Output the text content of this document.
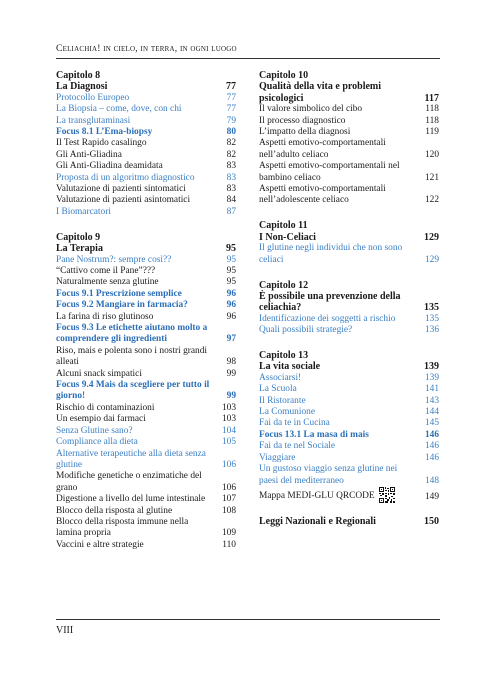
Celiachia! in cielo, in terra, in ogni luogo
Capitolo 8
La Diagnosi	77
Protocollo Europeo	77
La Biopsia – come, dove, con chi	77
La transglutaminasi	79
Focus 8.1 L’Ema-biopsy	80
Il Test Rapido casalingo	82
Gli Anti-Gliadina	82
Gli Anti-Gliadina deamidata	83
Proposta di un algoritmo diagnostico	83
Valutazione di pazienti sintomatici	83
Valutazione di pazienti asintomatici	84
I Biomarcatori	87
Capitolo 9
La Terapia	95
Pane Nostrum?: sempre così??	95
“Cattivo come il Pane”???	95
Naturalmente senza glutine	95
Focus 9.1 Prescrizione semplice	96
Focus 9.2 Mangiare in farmacia?	96
La farina di riso glutinoso	96
Focus 9.3 Le etichette aiutano molto a comprendere gli ingredienti	97
Riso, mais e polenta sono i nostri grandi alleati	98
Alcuni snack simpatici	99
Focus 9.4 Mais da scegliere per tutto il giorno!	99
Rischio di contaminazioni	103
Un esempio dai farmaci	103
Senza Glutine sano?	104
Compliance alla dieta	105
Alternative terapeutiche alla dieta senza glutine	106
Modifiche genetiche o enzimatiche del grano	106
Digestione a livello del lume intestinale	107
Blocco della risposta al glutine	108
Blocco della risposta immune nella lamina propria	109
Vaccini e altre strategie	110
Capitolo 10
Qualità della vita e problemi psicologici	117
Il valore simbolico del cibo	118
Il processo diagnostico	118
L’impatto della diagnosi	119
Aspetti emotivo-comportamentali nell’adulto celiaco	120
Aspetti emotivo-comportamentali nel bambino celiaco	121
Aspetti emotivo-comportamentali nell’adolescente celiaco	122
Capitolo 11
I Non-Celiaci	129
Il glutine negli individui che non sono celiaci	129
Capitolo 12
È possibile una prevenzione della celiachia?	135
Identificazione dei soggetti a rischio	135
Quali possibili strategie?	136
Capitolo 13
La vita sociale	139
Associarsi!	139
La Scuola	141
Il Ristorante	143
La Comunione	144
Fai da te in Cucina	145
Focus 13.1 La masa di mais	146
Fai da te nel Sociale	146
Viaggiare	146
Un gustoso viaggio senza glutine nei paesi del mediterraneo	148
Mappa MEDI-GLU QRCODE	149
Leggi Nazionali e Regionali	150
VIII
